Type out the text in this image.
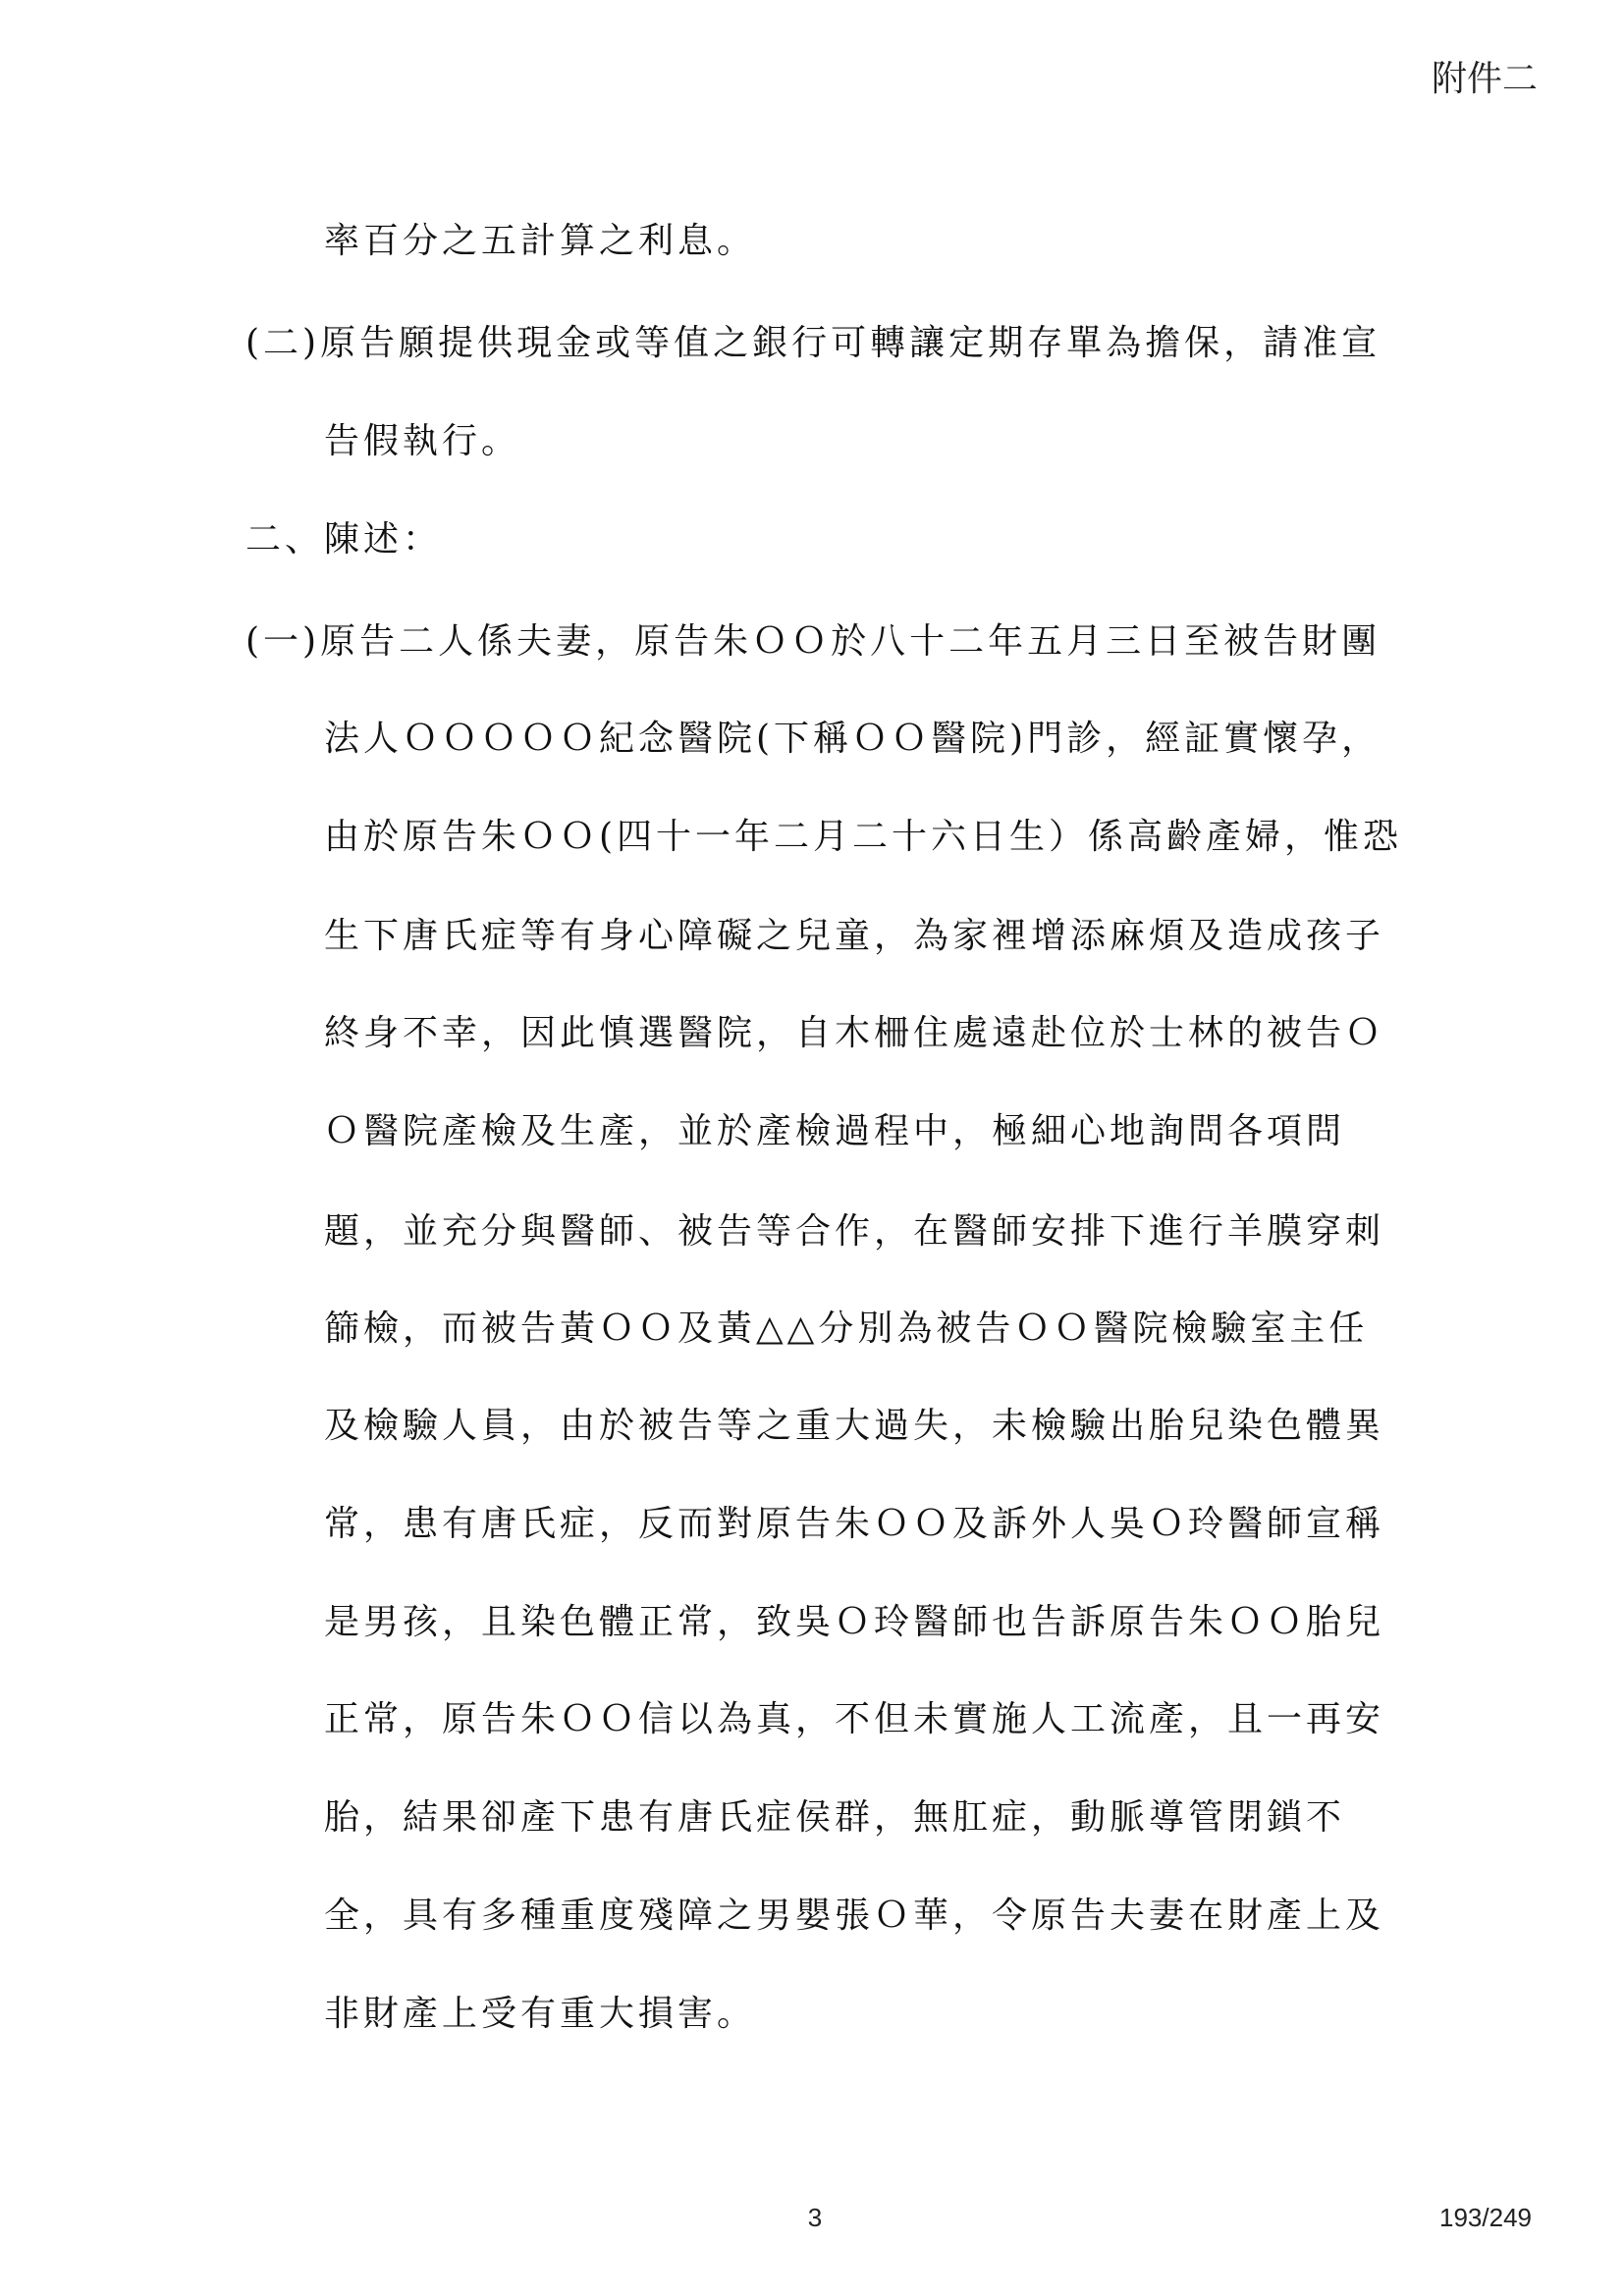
附件二
率百分之五計算之利息。
(二)原告願提供現金或等值之銀行可轉讓定期存單為擔保，請准宣
告假執行。
二、陳述：
(一)原告二人係夫妻，原告朱ＯＯ於八十二年五月三日至被告財團
法人ＯＯＯＯＯ紀念醫院(下稱ＯＯ醫院)門診，經証實懷孕，
由於原告朱ＯＯ(四十一年二月二十六日生）係高齡產婦，惟恐
生下唐氏症等有身心障礙之兒童，為家裡增添麻煩及造成孩子
終身不幸，因此慎選醫院，自木柵住處遠赴位於士林的被告Ｏ
Ｏ醫院產檢及生產，並於產檢過程中，極細心地詢問各項問
題，並充分與醫師、被告等合作，在醫師安排下進行羊膜穿刺
篩檢，而被告黃ＯＯ及黃△△分別為被告ＯＯ醫院檢驗室主任
及檢驗人員，由於被告等之重大過失，未檢驗出胎兒染色體異
常，患有唐氏症，反而對原告朱ＯＯ及訴外人吳Ｏ玲醫師宣稱
是男孩，且染色體正常，致吳Ｏ玲醫師也告訴原告朱ＯＯ胎兒
正常，原告朱ＯＯ信以為真，不但未實施人工流產，且一再安
胎，結果卻產下患有唐氏症侯群，無肛症，動脈導管閉鎖不
全，具有多種重度殘障之男嬰張Ｏ華，令原告夫妻在財產上及
非財產上受有重大損害。
3	193/249
